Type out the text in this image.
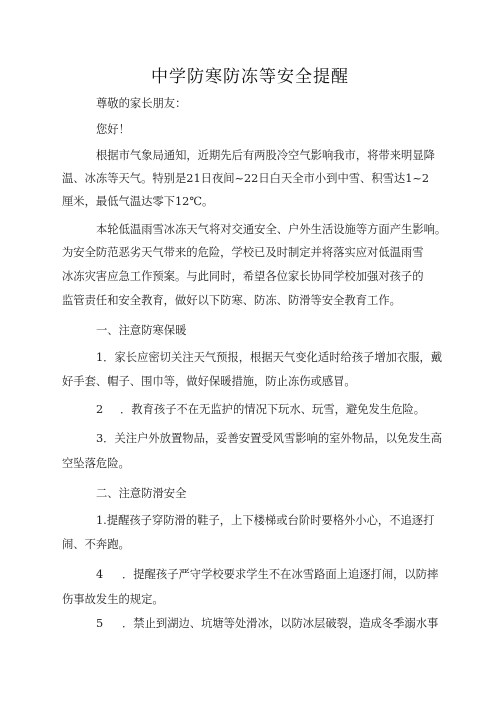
中学防寒防冻等安全提醒
尊敬的家长朋友：
您好！
根据市气象局通知，近期先后有两股冷空气影响我市，将带来明显降
温、冰冻等天气。特别是21日夜间~22日白天全市小到中雪、积雪达1~2
厘米，最低气温达零下12℃。
本轮低温雨雪冰冻天气将对交通安全、户外生活设施等方面产生影响。
为安全防范恶劣天气带来的危险，学校已及时制定并将落实应对低温雨雪
冰冻灾害应急工作预案。与此同时，希望各位家长协同学校加强对孩子的
监管责任和安全教育，做好以下防寒、防冻、防滑等安全教育工作。
一、注意防寒保暖
1．家长应密切关注天气预报，根据天气变化适时给孩子增加衣服，戴
好手套、帽子、围巾等，做好保暖措施，防止冻伤或感冒。
2 ．教育孩子不在无监护的情况下玩水、玩雪，避免发生危险。
3．关注户外放置物品，妥善安置受风雪影响的室外物品，以免发生高
空坠落危险。
二、注意防滑安全
1.提醒孩子穿防滑的鞋子，上下楼梯或台阶时要格外小心，不追逐打
闹、不奔跑。
4 ．提醒孩子严守学校要求学生不在冰雪路面上追逐打闹，以防摔
伤事故发生的规定。
5 ．禁止到湖边、坑塘等处滑冰，以防冰层破裂，造成冬季溺水事
